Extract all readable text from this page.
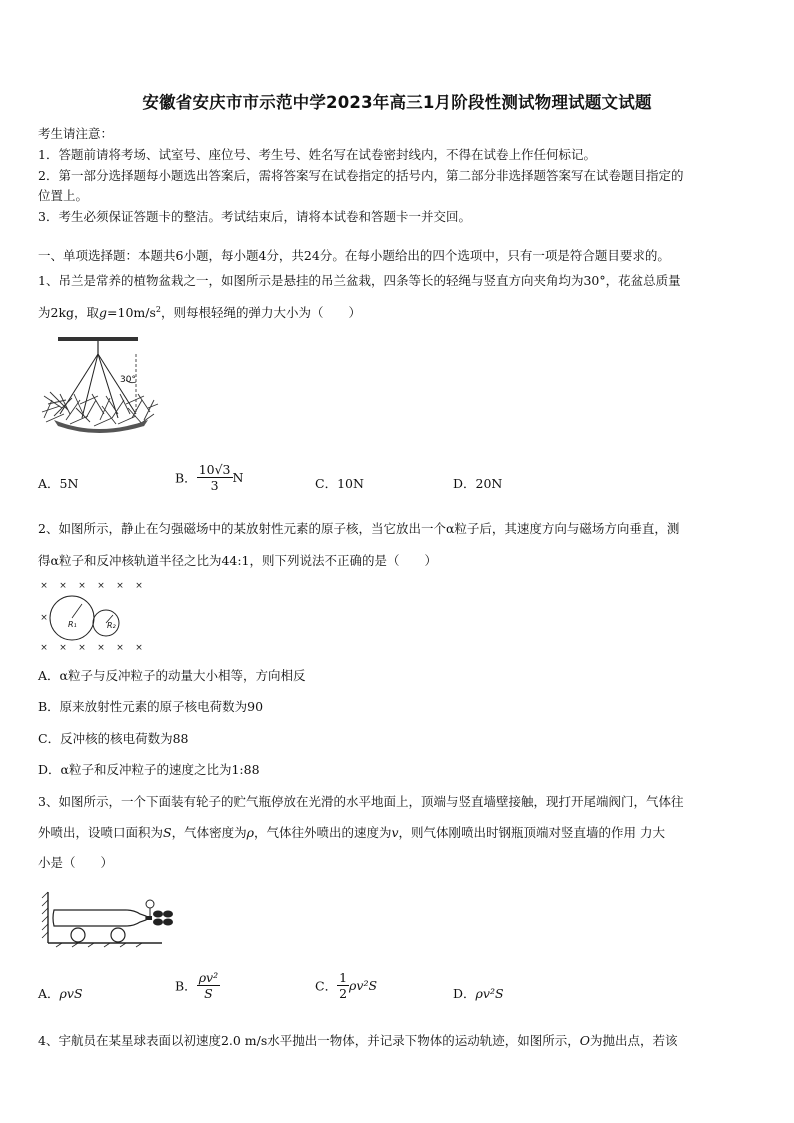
安徽省安庆市市示范中学2023年高三1月阶段性测试物理试题文试题
考生请注意：
1．答题前请将考场、试室号、座位号、考生号、姓名写在试卷密封线内，不得在试卷上作任何标记。
2．第一部分选择题每小题选出答案后，需将答案写在试卷指定的括号内，第二部分非选择题答案写在试卷题目指定的
位置上。
3．考生必须保证答题卡的整洁。考试结束后，请将本试卷和答题卡一并交回。
一、单项选择题：本题共6小题，每小题4分，共24分。在每小题给出的四个选项中，只有一项是符合题目要求的。
1、吊兰是常养的植物盆栽之一，如图所示是悬挂的吊兰盆栽，四条等长的轻绳与竖直方向夹角均为30°，花盆总质量
为2kg，取$g=10m/s^2$，则每根轻绳的弹力大小为（　　）
30°
A．5N	B． $\frac{10√3}{3}$ N	C．10N	D．20N
2、如图所示，静止在匀强磁场中的某放射性元素的原子核，当它放出一个α粒子后，其速度方向与磁场方向垂直，测
得α粒子和反冲核轨道半径之比为44:1，则下列说法不正确的是（　　）
×
×
×
×
×
×
×
×
×
×
×
×
×
R₁	R₂
A．α粒子与反冲粒子的动量大小相等，方向相反
B．原来放射性元素的原子核电荷数为90
C．反冲核的核电荷数为88
D．α粒子和反冲粒子的速度之比为1:88
3、如图所示，一个下面装有轮子的贮气瓶停放在光滑的水平地面上，顶端与竖直墙壁接触，现打开尾端阀门，气体往
外喷出，设喷口面积为S，气体密度为ρ，气体往外喷出的速度为v，则气体刚喷出时钢瓶顶端对竖直墙的作用 力大
小是（　　）
A．ρvS	B． $\frac{\text{ρv²}}{S}$	C． $\frac{1}{2} \rho v^2S$
D．ρv²S
4、宇航员在某星球表面以初速度2.0 m/s水平抛出一物体，并记录下物体的运动轨迹，如图所示，O为抛出点，若该
